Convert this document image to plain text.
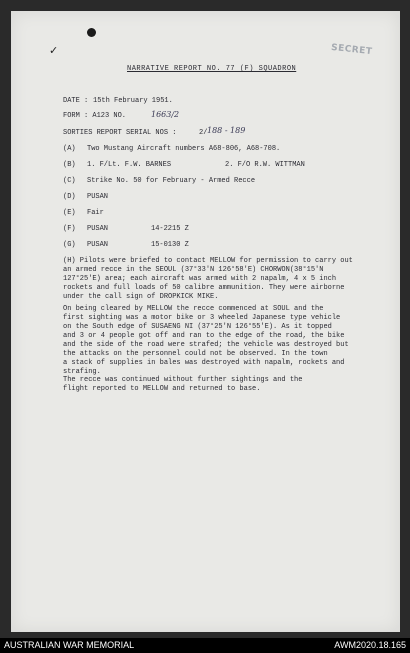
✓	SECRET
NARRATIVE REPORT NO. 77 (F) SQUADRON
DATE : 15th February 1951.
FORM : A123 NO.	1663/2
SORTIES REPORT SERIAL NOS :	2/ 188 - 189
(A) Two Mustang Aircraft numbers A68-806, A68-708.
(B) 1. F/Lt. F.W. BARNES	2. F/O R.W. WITTMAN
(C) Strike No. 50 for February - Armed Recce
(D) PUSAN
(E) Fair
(F) PUSAN	14-2215 Z
(G) PUSAN	15-0130 Z
(H) Pilots were briefed to contact MELLOW for permission to carry out
an armed recce in the SEOUL (37°33'N 126°58'E) CHORWON(38°15'N
127°25'E) area; each aircraft was armed with 2 napalm, 4 x 5 inch
rockets and full loads of 50 calibre ammunition. They were airborne
under the call sign of DROPKICK MIKE.
On being cleared by MELLOW the recce commenced at SOUL and the
first sighting was a motor bike or 3 wheeled Japanese type vehicle
on the South edge of SUSAENG NI (37°25'N 126°55'E). As it topped
and 3 or 4 people got off and ran to the edge of the road, the bike
and the side of the road were strafed; the vehicle was destroyed but
the attacks on the personnel could not be observed. In the town
a stack of supplies in bales was destroyed with napalm, rockets and
strafing.
The recce was continued without further sightings and the
flight reported to MELLOW and returned to base.
AUSTRALIAN WAR MEMORIAL	AWM2020.18.165
